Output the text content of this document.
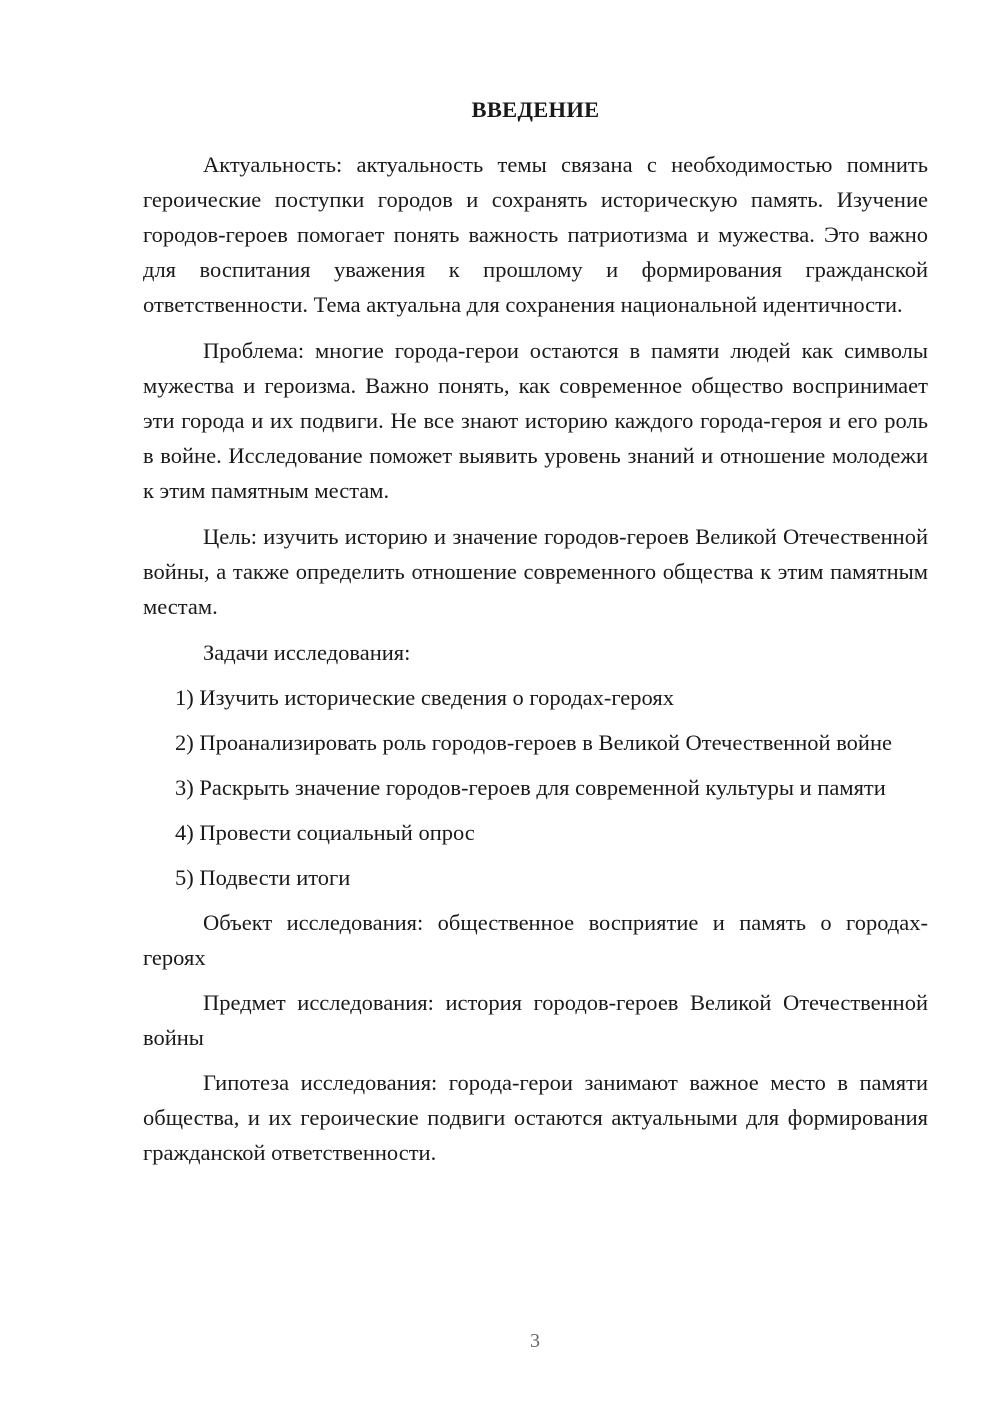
ВВЕДЕНИЕ

Актуальность: актуальность темы связана с необходимостью помнить героические поступки городов и сохранять историческую память. Изучение городов-героев помогает понять важность патриотизма и мужества. Это важно для воспитания уважения к прошлому и формирования гражданской ответственности. Тема актуальна для сохранения национальной идентичности.

Проблема: многие города-герои остаются в памяти людей как символы мужества и героизма. Важно понять, как современное общество воспринимает эти города и их подвиги. Не все знают историю каждого города-героя и его роль в войне. Исследование поможет выявить уровень знаний и отношение молодежи к этим памятным местам.

Цель: изучить историю и значение городов-героев Великой Отечественной войны, а также определить отношение современного общества к этим памятным местам.

Задачи исследования:

1) Изучить исторические сведения о городах-героях

2) Проанализировать роль городов-героев в Великой Отечественной войне

3) Раскрыть значение городов-героев для современной культуры и памяти

4) Провести социальный опрос

5) Подвести итоги

Объект исследования: общественное восприятие и память о городах-героях

Предмет исследования: история городов-героев Великой Отечественной войны

Гипотеза исследования: города-герои занимают важное место в памяти общества, и их героические подвиги остаются актуальными для формирования гражданской ответственности.

3
